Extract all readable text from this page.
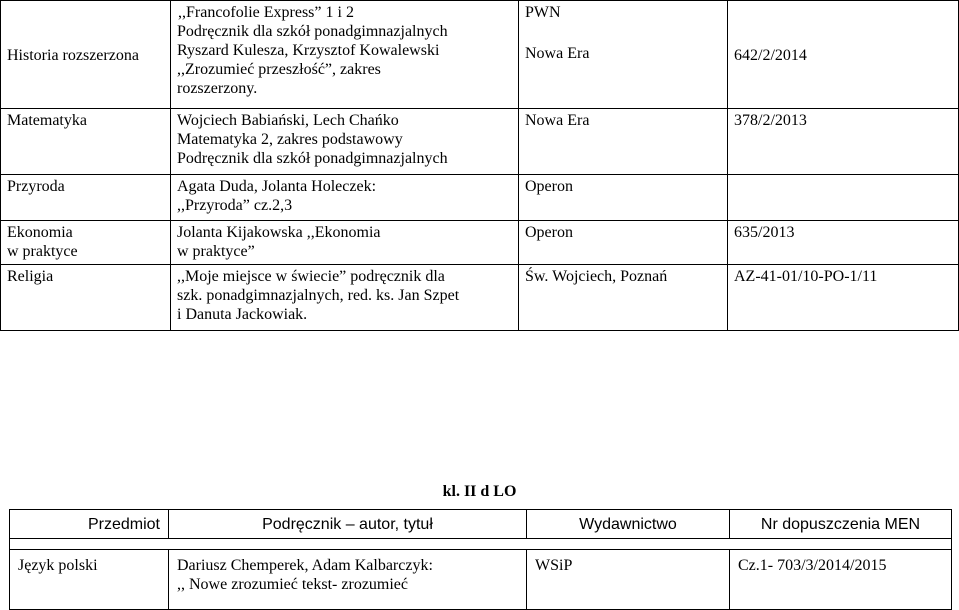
Historia rozszerzona	,,Francofolie Express” 1 i 2
Podręcznik dla szkół ponadgimnazjalnych
Ryszard Kulesza, Krzysztof Kowalewski
,,Zrozumieć przeszłość”, zakres
rozszerzony.	PWN
Nowa Era	642/2/2014

Matematyka	Wojciech Babiański, Lech Chańko
Matematyka 2, zakres podstawowy
Podręcznik dla szkół ponadgimnazjalnych	Nowa Era	378/2/2013

Przyroda	Agata Duda, Jolanta Holeczek:
,,Przyroda” cz.2,3	Operon	

Ekonomia
w praktyce	Jolanta Kijakowska ,,Ekonomia
w praktyce”	Operon	635/2013

Religia	,,Moje miejsce w świecie” podręcznik dla
szk. ponadgimnazjalnych, red. ks. Jan Szpet
i Danuta Jackowiak.	Św. Wojciech, Poznań	AZ-41-01/10-PO-1/11
kl. II d LO
Przedmiot	Podręcznik – autor, tytuł	Wydawnictwo	Nr dopuszczenia MEN

Język polski	Dariusz Chemperek, Adam Kalbarczyk:
,, Nowe zrozumieć tekst- zrozumieć	WSiP	Cz.1- 703/3/2014/2015
